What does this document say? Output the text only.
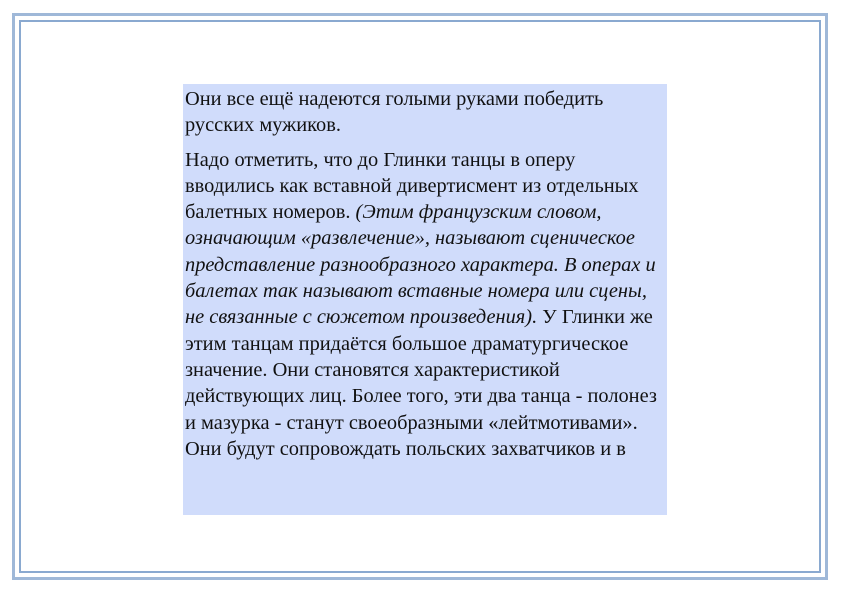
Они все ещё надеются голыми руками победить русских мужиков.

Надо отметить, что до Глинки танцы в оперу вводились как вставной дивертисмент из отдельных балетных номеров. (Этим французским словом, означающим «развлечение», называют сценическое представление разнообразного характера. В операх и балетах так называют вставные номера или сцены, не связанные с сюжетом произведения). У Глинки же этим танцам придаётся большое драматургическое значение. Они становятся характеристикой действующих лиц. Более того, эти два танца - полонез и мазурка - станут своеобразными «лейтмотивами». Они будут сопровождать польских захватчиков и в
